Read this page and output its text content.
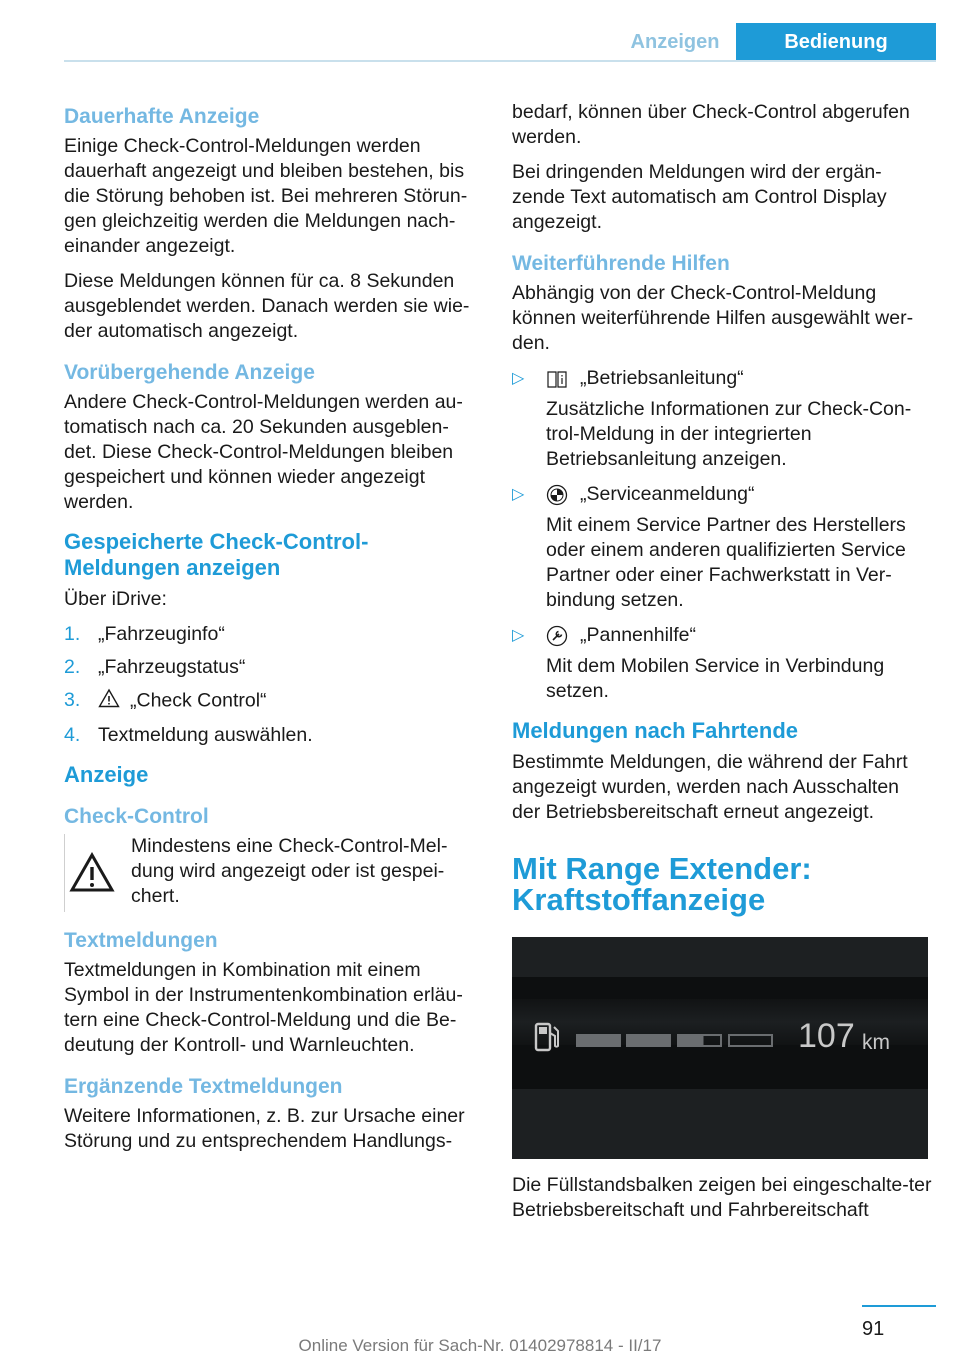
Anzeigen	Bedienung
Dauerhafte Anzeige

Einige Check-Control-Meldungen werden dauerhaft angezeigt und bleiben bestehen, bis die Störung behoben ist. Bei mehreren Störun-gen gleichzeitig werden die Meldungen nach-einander angezeigt.

Diese Meldungen können für ca. 8 Sekunden ausgeblendet werden. Danach werden sie wie-der automatisch angezeigt.

Vorübergehende Anzeige

Andere Check-Control-Meldungen werden au-tomatisch nach ca. 20 Sekunden ausgeblen-det. Diese Check-Control-Meldungen bleiben gespeichert und können wieder angezeigt werden.

Gespeicherte Check-Control-Meldungen anzeigen

Über iDrive:

1. „Fahrzeuginfo“
2. „Fahrzeugstatus“
3.	„Check Control“
4. Textmeldung auswählen.
Anzeige
Check-Control
Mindestens eine Check-Control-Mel-dung wird angezeigt oder ist gespei-chert.
Textmeldungen

Textmeldungen in Kombination mit einem Symbol in der Instrumentenkombination erläu-tern eine Check-Control-Meldung und die Be-deutung der Kontroll- und Warnleuchten.

Ergänzende Textmeldungen

Weitere Informationen, z. B. zur Ursache einer Störung und zu entsprechendem Handlungs-

bedarf, können über Check-Control abgerufen werden.

Bei dringenden Meldungen wird der ergän-zende Text automatisch am Control Display angezeigt.

Weiterführende Hilfen

Abhängig von der Check-Control-Meldung können weiterführende Hilfen ausgewählt wer-den.

▷	„Betriebsanleitung“
Zusätzliche Informationen zur Check-Con-trol-Meldung in der integrierten Betriebsanleitung anzeigen.
▷	„Serviceanmeldung“
Mit einem Service Partner des Herstellers oder einem anderen qualifizierten Service Partner oder einer Fachwerkstatt in Ver-bindung setzen.
▷	„Pannenhilfe“
Mit dem Mobilen Service in Verbindung setzen.
Meldungen nach Fahrtende

Bestimmte Meldungen, die während der Fahrt angezeigt wurden, werden nach Ausschalten der Betriebsbereitschaft erneut angezeigt.

Mit Range Extender: Kraftstoffanzeige
107 km

Die Füllstandsbalken zeigen bei eingeschalte-ter Betriebsbereitschaft und Fahrbereitschaft

91
Online Version für Sach-Nr. 01402978814 - II/17
